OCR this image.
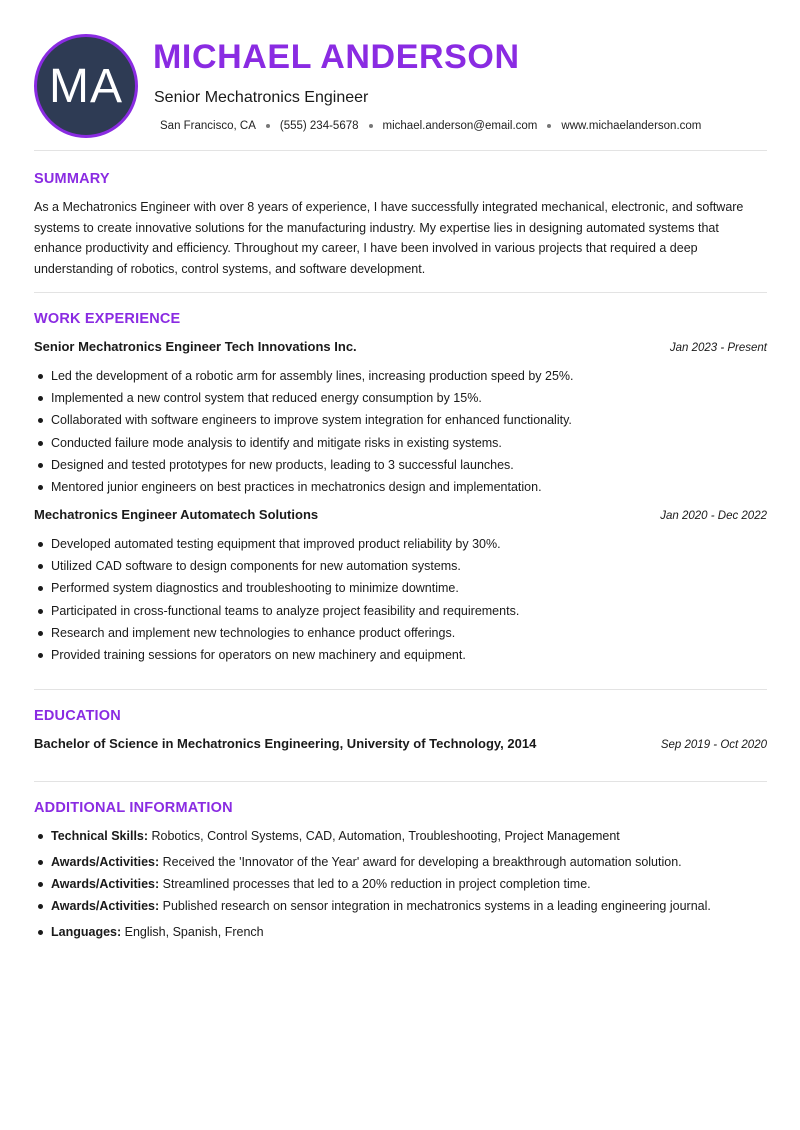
MA
MICHAEL ANDERSON
Senior Mechatronics Engineer
San Francisco, CA (555) 234-5678 michael.anderson@email.com www.michaelanderson.com
SUMMARY

As a Mechatronics Engineer with over 8 years of experience, I have successfully integrated mechanical, electronic, and software systems to create innovative solutions for the manufacturing industry. My expertise lies in designing automated systems that enhance productivity and efficiency. Throughout my career, I have been involved in various projects that required a deep understanding of robotics, control systems, and software development.

WORK EXPERIENCE
Senior Mechatronics Engineer Tech Innovations Inc.	Jan 2023 - Present
Led the development of a robotic arm for assembly lines, increasing production speed by 25%.
Implemented a new control system that reduced energy consumption by 15%.
Collaborated with software engineers to improve system integration for enhanced functionality.
Conducted failure mode analysis to identify and mitigate risks in existing systems.
Designed and tested prototypes for new products, leading to 3 successful launches.
Mentored junior engineers on best practices in mechatronics design and implementation.
Mechatronics Engineer Automatech Solutions	Jan 2020 - Dec 2022
Developed automated testing equipment that improved product reliability by 30%.
Utilized CAD software to design components for new automation systems.
Performed system diagnostics and troubleshooting to minimize downtime.
Participated in cross-functional teams to analyze project feasibility and requirements.
Research and implement new technologies to enhance product offerings.
Provided training sessions for operators on new machinery and equipment.
EDUCATION
Bachelor of Science in Mechatronics Engineering, University of Technology, 2014	Sep 2019 - Oct 2020
ADDITIONAL INFORMATION
Technical Skills: Robotics, Control Systems, CAD, Automation, Troubleshooting, Project Management
Awards/Activities: Received the 'Innovator of the Year' award for developing a breakthrough automation solution.
Awards/Activities: Streamlined processes that led to a 20% reduction in project completion time.
Awards/Activities: Published research on sensor integration in mechatronics systems in a leading engineering journal.
Languages: English, Spanish, French
